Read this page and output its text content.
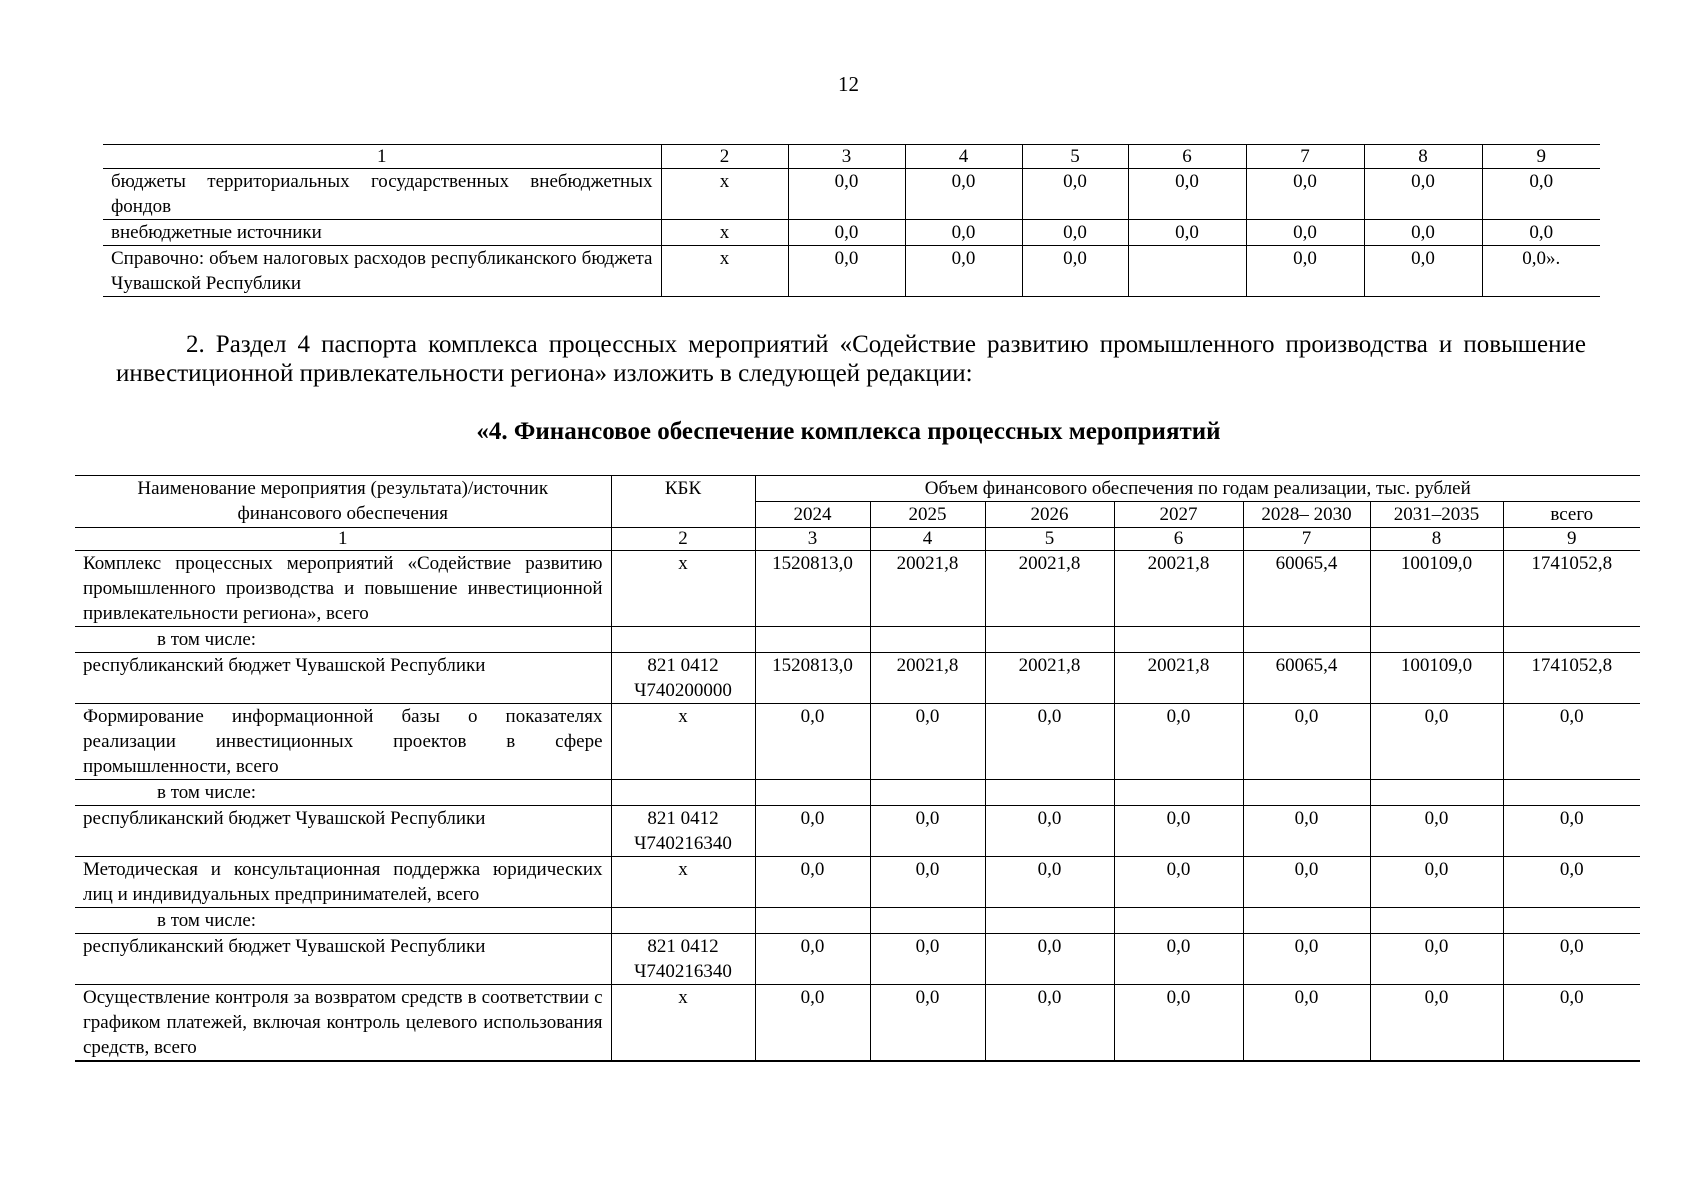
12
1	2	3	4	5	6	7	8	9
бюджеты территориальных государственных внебюджетных фондов	х	0,0	0,0	0,0	0,0	0,0	0,0	0,0
внебюджетные источники	х	0,0	0,0	0,0	0,0	0,0	0,0	0,0
Справочно: объем налоговых расходов республиканского бюджета Чувашской Республики	х	0,0	0,0	0,0		0,0	0,0	0,0».

2. Раздел 4 паспорта комплекса процессных мероприятий «Содействие развитию промышленного производства и повышение инвестиционной привлекательности региона» изложить в следующей редакции:

«4. Финансовое обеспечение комплекса процессных мероприятий

Наименование мероприятия (результата)/источник финансового обеспечения	КБК	Объем финансового обеспечения по годам реализации, тыс. рублей						
		2024	2025	2026	2027	2028– 2030	2031–2035	всего
1	2	3	4	5	6	7	8	9
Комплекс процессных мероприятий «Содействие развитию промышленного производства и повышение инвестиционной привлекательности региона», всего	х	1520813,0	20021,8	20021,8	20021,8	60065,4	100109,0	1741052,8
в том числе:								
республиканский бюджет Чувашской Республики	821 0412 Ч740200000	1520813,0	20021,8	20021,8	20021,8	60065,4	100109,0	1741052,8
Формирование информационной базы о показателях реализации инвестиционных проектов в сфере промышленности, всего	х	0,0	0,0	0,0	0,0	0,0	0,0	0,0
в том числе:								
республиканский бюджет Чувашской Республики	821 0412 Ч740216340	0,0	0,0	0,0	0,0	0,0	0,0	0,0
Методическая и консультационная поддержка юридических лиц и индивидуальных предпринимателей, всего	х	0,0	0,0	0,0	0,0	0,0	0,0	0,0
в том числе:								
республиканский бюджет Чувашской Республики	821 0412 Ч740216340	0,0	0,0	0,0	0,0	0,0	0,0	0,0
Осуществление контроля за возвратом средств в соответствии с графиком платежей, включая контроль целевого использования средств, всего	х	0,0	0,0	0,0	0,0	0,0	0,0	0,0
